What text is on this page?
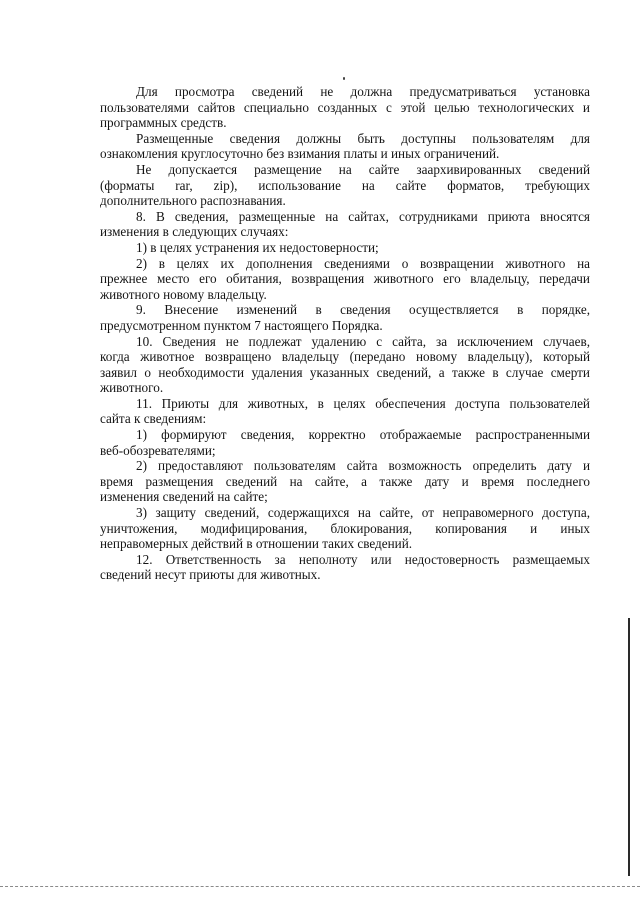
Для просмотра сведений не должна предусматриваться установка
пользователями сайтов специально созданных с этой целью технологических и
программных средств.
Размещенные сведения должны быть доступны пользователям для
ознакомления круглосуточно без взимания платы и иных ограничений.
Не допускается размещение на сайте заархивированных сведений
(форматы rar, zip), использование на сайте форматов, требующих
дополнительного распознавания.
8. В сведения, размещенные на сайтах, сотрудниками приюта вносятся
изменения в следующих случаях:
1) в целях устранения их недостоверности;
2) в целях их дополнения сведениями о возвращении животного на
прежнее место его обитания, возвращения животного его владельцу, передачи
животного новому владельцу.
9. Внесение изменений в сведения осуществляется в порядке,
предусмотренном пунктом 7 настоящего Порядка.
10. Сведения не подлежат удалению с сайта, за исключением случаев,
когда животное возвращено владельцу (передано новому владельцу), который
заявил о необходимости удаления указанных сведений, а также в случае смерти
животного.
11. Приюты для животных, в целях обеспечения доступа пользователей
сайта к сведениям:
1) формируют сведения, корректно отображаемые распространенными
веб-обозревателями;
2) предоставляют пользователям сайта возможность определить дату и
время размещения сведений на сайте, а также дату и время последнего
изменения сведений на сайте;
3) защиту сведений, содержащихся на сайте, от неправомерного доступа,
уничтожения, модифицирования, блокирования, копирования и иных
неправомерных действий в отношении таких сведений.
12. Ответственность за неполноту или недостоверность размещаемых
сведений несут приюты для животных.
